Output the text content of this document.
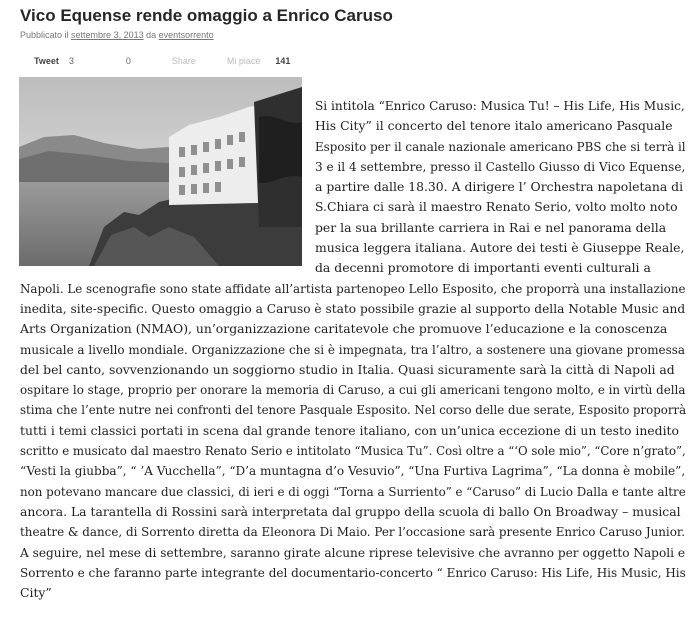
Vico Equense rende omaggio a Enrico Caruso
Pubblicato il settembre 3, 2013 da eventsorrento
Tweet 3	0	Share	Mi piace 141
Si intitola “Enrico Caruso: Musica Tu! – His Life, His Music,
His City” il concerto del tenore italo americano Pasquale
Esposito per il canale nazionale americano PBS che si terrà il
3 e il 4 settembre, presso il Castello Giusso di Vico Equense,
a partire dalle 18.30. A dirigere l’ Orchestra napoletana di
S.Chiara ci sarà il maestro Renato Serio, volto molto noto
per la sua brillante carriera in Rai e nel panorama della
musica leggera italiana. Autore dei testi è Giuseppe Reale,
da decenni promotore di importanti eventi culturali a
Napoli. Le scenografie sono state affidate all’artista partenopeo Lello Esposito, che proporrà una installazione
inedita, site-specific. Questo omaggio a Caruso è stato possibile grazie al supporto della Notable Music and
Arts Organization (NMAO), un’organizzazione caritatevole che promuove l’educazione e la conoscenza
musicale a livello mondiale. Organizzazione che si è impegnata, tra l’altro, a sostenere una giovane promessa
del bel canto, sovvenzionando un soggiorno studio in Italia. Quasi sicuramente sarà la città di Napoli ad
ospitare lo stage, proprio per onorare la memoria di Caruso, a cui gli americani tengono molto, e in virtù della
stima che l’ente nutre nei confronti del tenore Pasquale Esposito. Nel corso delle due serate, Esposito proporrà
tutti i temi classici portati in scena dal grande tenore italiano, con un’unica eccezione di un testo inedito
scritto e musicato dal maestro Renato Serio e intitolato “Musica Tu”. Così oltre a “‘O sole mio”, “Core n’grato”,
“Vesti la giubba”, “ ’A Vucchella”, “D’a muntagna d’o Vesuvio”, “Una Furtiva Lagrima”, “La donna è mobile”,
non potevano mancare due classici, di ieri e di oggi “Torna a Surriento” e “Caruso” di Lucio Dalla e tante altre
ancora. La tarantella di Rossini sarà interpretata dal gruppo della scuola di ballo On Broadway – musical
theatre & dance, di Sorrento diretta da Eleonora Di Maio. Per l’occasione sarà presente Enrico Caruso Junior.
A seguire, nel mese di settembre, saranno girate alcune riprese televisive che avranno per oggetto Napoli e
Sorrento e che faranno parte integrante del documentario-concerto “ Enrico Caruso: His Life, His Music, His
City”
